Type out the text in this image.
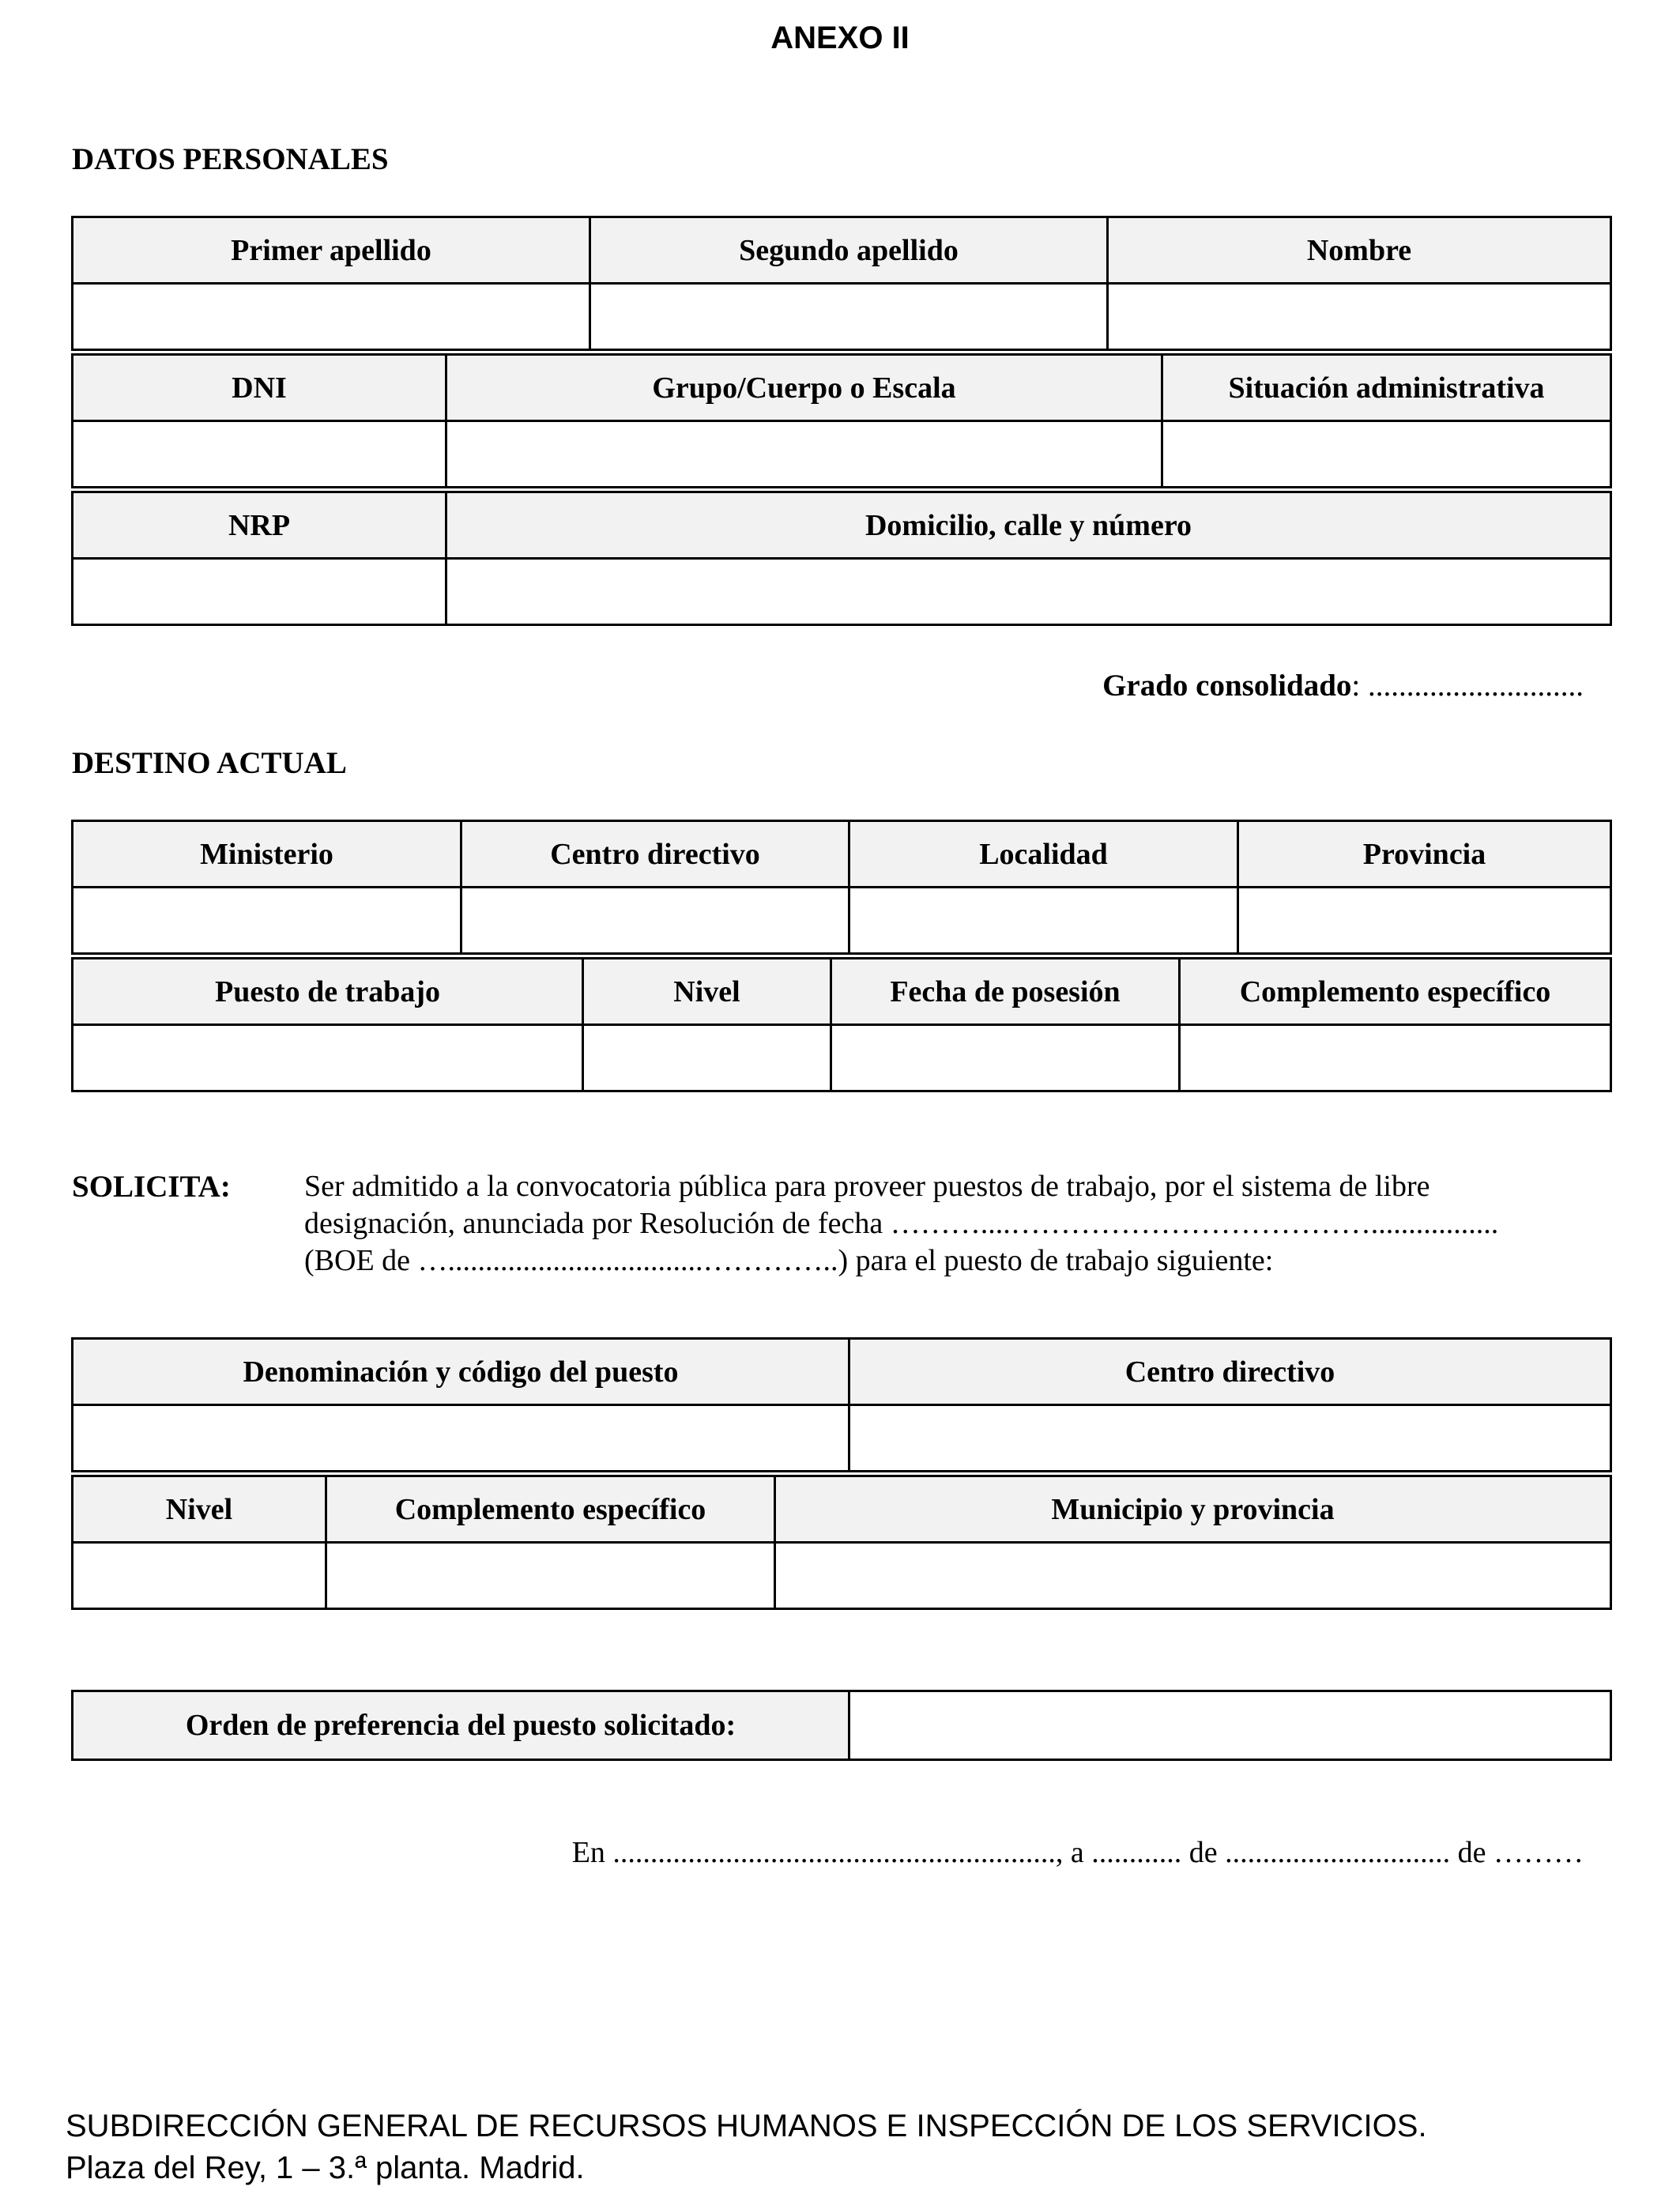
ANEXO II
DATOS PERSONALES
Primer apellido	Segundo apellido	Nombre

DNI	Grupo/Cuerpo o Escala	Situación administrativa

NRP	Domicilio, calle y número

Grado consolidado: ............................
DESTINO ACTUAL
Ministerio	Centro directivo	Localidad	Provincia

Puesto de trabajo	Nivel	Fecha de posesión	Complemento específico

SOLICITA: Ser admitido a la convocatoria pública para proveer puestos de trabajo, por el sistema de libre
designación, anunciada por Resolución de fecha ………....……………………………….................
(BOE de …..................................…………..) para el puesto de trabajo siguiente:
Denominación y código del puesto	Centro directivo

Nivel	Complemento específico	Municipio y provincia

Orden de preferencia del puesto solicitado:	
En ..........................................................., a ............ de .............................. de ………
SUBDIRECCIÓN GENERAL DE RECURSOS HUMANOS E INSPECCIÓN DE LOS SERVICIOS.
Plaza del Rey, 1 – 3.ª planta. Madrid.
